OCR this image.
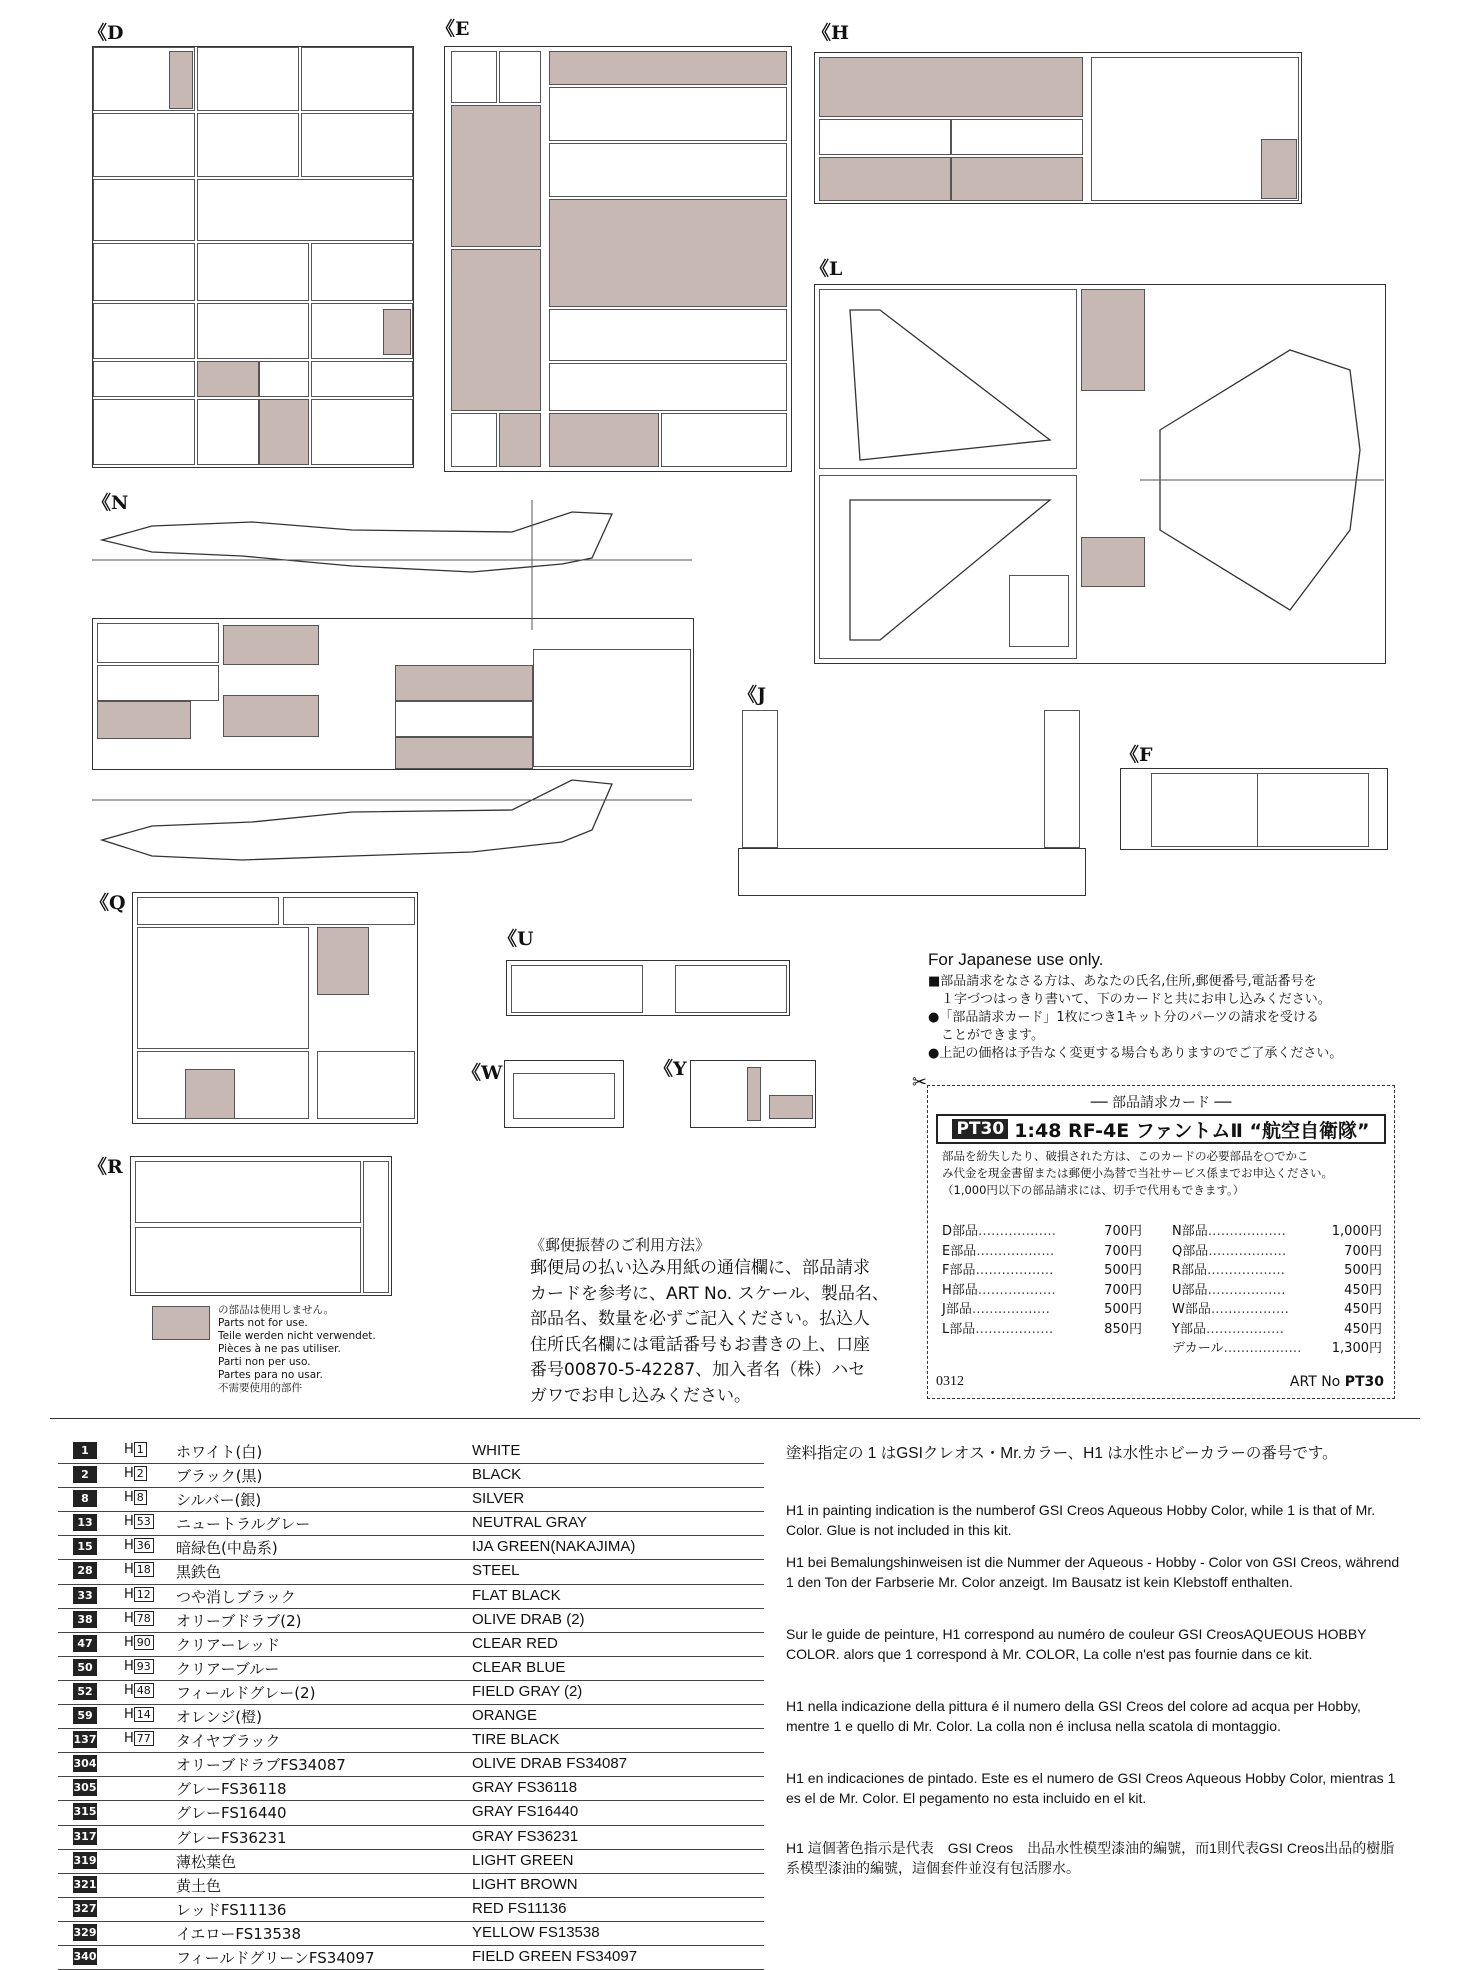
《D	《E	《H
《L
《N
《J
《F
《Q
《R
《U
《W	《Y
の部品は使用しません。
Parts not for use.
Teile werden nicht verwendet.
Pièces à ne pas utiliser.
Parti non per uso.
Partes para no usar.
不需要使用的部件
《郵便振替のご利用方法》
郵便局の払い込み用紙の通信欄に、部品請求
カードを参考に、ART No. スケール、製品名、
部品名、数量を必ずご記入ください。払込人
住所氏名欄には電話番号もお書きの上、口座
番号00870-5-42287、加入者名（株）ハセ
ガワでお申し込みください。
For Japanese use only.
■部品請求をなさる方は、あなたの氏名,住所,郵便番号,電話番号を
　１字づつはっきり書いて、下のカードと共にお申し込みください。
●「部品請求カード」1枚につき1キット分のパーツの請求を受ける
　ことができます。
●上記の価格は予告なく変更する場合もありますのでご了承ください。
✂
── 部品請求カード ──
PT30 1:48 RF-4E ファントムⅡ “航空自衛隊”
部品を紛失したり、破損された方は、このカードの必要部品を○でかこ
み代金を現金書留または郵便小為替で当社サービス係までお申込ください。
（1,000円以下の部品請求には、切手で代用もできます。）
D部品………………	700円
E部品………………	700円
F部品………………	500円
H部品………………	700円
J部品………………	500円
L部品………………	850円
N部品………………	1,000円
Q部品………………	700円
R部品………………	500円
U部品………………	450円
W部品………………	450円
Y部品………………	450円
デカール……………… 1,300円
0312	ART No PT30
1	H 1 ホワイト(白)	WHITE
2	H 2 ブラック(黒)	BLACK
8	H 8 シルバー(銀)	SILVER
13	H 53 ニュートラルグレー	NEUTRAL GRAY
15	H 36 暗緑色(中島系)	IJA GREEN(NAKAJIMA)
28	H 18 黒鉄色	STEEL
33	H 12 つや消しブラック	FLAT BLACK
38	H 78 オリーブドラブ(2)	OLIVE DRAB (2)
47	H 90 クリアーレッド	CLEAR RED
50	H 93 クリアーブルー	CLEAR BLUE
52	H 48 フィールドグレー(2)	FIELD GRAY (2)
59	H 14 オレンジ(橙)	ORANGE
137 H 77 タイヤブラック	TIRE BLACK
304	オリーブドラブFS34087	OLIVE DRAB FS34087
305	グレーFS36118	GRAY FS36118
315	グレーFS16440	GRAY FS16440
317	グレーFS36231	GRAY FS36231
319	薄松葉色	LIGHT GREEN
321	黄土色	LIGHT BROWN
327	レッドFS11136	RED FS11136
329	イエローFS13538	YELLOW FS13538
340	フィールドグリーンFS34097	FIELD GREEN FS34097
塗料指定の 1 はGSIクレオス・Mr.カラー、H1 は水性ホビーカラーの番号です。
H1 in painting indication is the numberof GSI Creos Aqueous Hobby Color, while 1 is that of Mr. Color. Glue is not included in this kit.
H1 bei Bemalungshinweisen ist die Nummer der Aqueous - Hobby - Color von GSI Creos, während 1 den Ton der Farbserie Mr. Color anzeigt. Im Bausatz ist kein Klebstoff enthalten.
Sur le guide de peinture, H1 correspond au numéro de couleur GSI CreosAQUEOUS HOBBY COLOR. alors que 1 correspond à Mr. COLOR, La colle n'est pas fournie dans ce kit.
H1 nella indicazione della pittura é il numero della GSI Creos del colore ad acqua per Hobby, mentre 1 e quello di Mr. Color. La colla non é inclusa nella scatola di montaggio.
H1 en indicaciones de pintado. Este es el numero de GSI Creos Aqueous Hobby Color, mientras 1 es el de Mr. Color. El pegamento no esta incluido en el kit.
H1 這個著色指示是代表　GSI Creos　出品水性模型漆油的編號，而1則代表GSI Creos出品的樹脂系模型漆油的編號，這個套件並沒有包活膠水。
